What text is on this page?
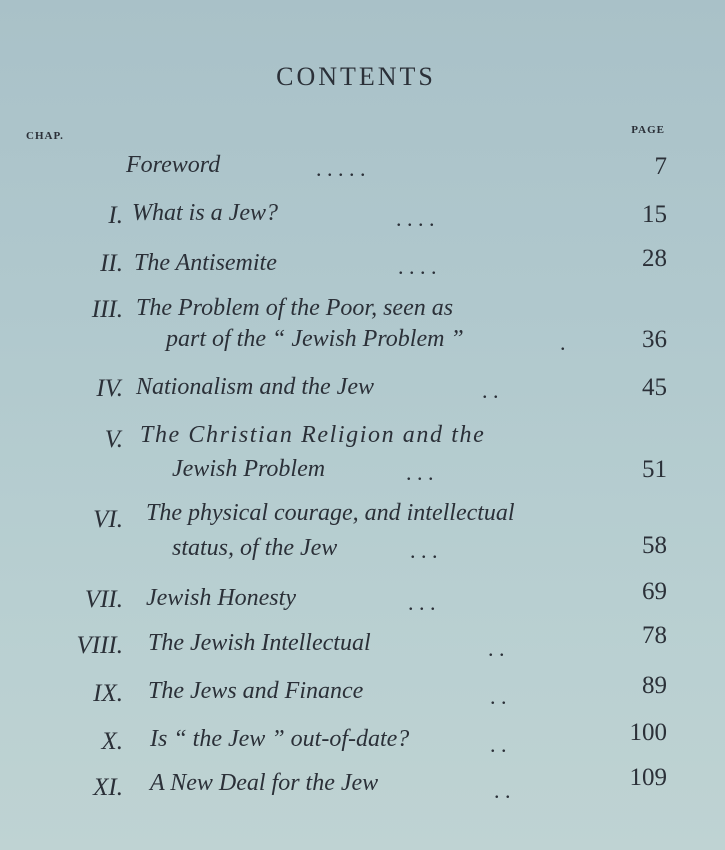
CONTENTS
CHAP.	PAGE
Foreword	. . . . .	7
I. What is a Jew?	. . . .	15
II. The Antisemite	. . . .	28
III. The Problem of the Poor, seen as
part of the “ Jewish Problem ”	.	36
IV. Nationalism and the Jew	. .	45
V. The Christian Religion and the
Jewish Problem	. . .	51
VI. The physical courage, and intellectual
status, of the Jew	. . .	58
VII. Jewish Honesty	. . .	69
VIII. The Jewish Intellectual	. .	78
IX. The Jews and Finance	. .	89
X. Is “ the Jew ” out-of-date?	. .	100
XI. A New Deal for the Jew	. .	109
